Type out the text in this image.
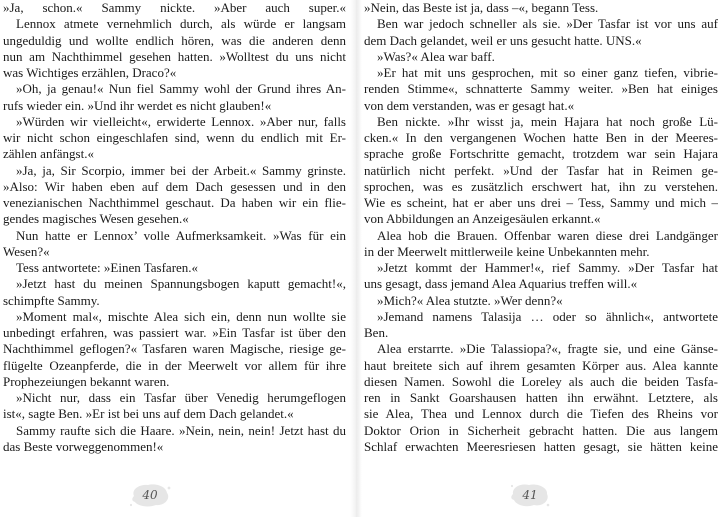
»Ja, schon.« Sammy nickte. »Aber auch super.«
Lennox atmete vernehmlich durch, als würde er langsam
ungeduldig und wollte endlich hören, was die anderen denn
nun am Nachthimmel gesehen hatten. »Wolltest du uns nicht
was Wichtiges erzählen, Draco?«
»Oh, ja genau!« Nun fiel Sammy wohl der Grund ihres An-
rufs wieder ein. »Und ihr werdet es nicht glauben!«
»Würden wir vielleicht«, erwiderte Lennox. »Aber nur, falls
wir nicht schon eingeschlafen sind, wenn du endlich mit Er-
zählen anfängst.«
»Ja, ja, Sir Scorpio, immer bei der Arbeit.« Sammy grinste.
»Also: Wir haben eben auf dem Dach gesessen und in den
venezianischen Nachthimmel geschaut. Da haben wir ein flie-
gendes magisches Wesen gesehen.«
Nun hatte er Lennox’ volle Aufmerksamkeit. »Was für ein
Wesen?«
Tess antwortete: »Einen Tasfaren.«
»Jetzt hast du meinen Spannungsbogen kaputt gemacht!«,
schimpfte Sammy.
»Moment mal«, mischte Alea sich ein, denn nun wollte sie
unbedingt erfahren, was passiert war. »Ein Tasfar ist über den
Nachthimmel geflogen?« Tasfaren waren Magische, riesige ge-
flügelte Ozeanpferde, die in der Meerwelt vor allem für ihre
Prophezeiungen bekannt waren.
»Nicht nur, dass ein Tasfar über Venedig herumgeflogen
ist«, sagte Ben. »Er ist bei uns auf dem Dach gelandet.«
Sammy raufte sich die Haare. »Nein, nein, nein! Jetzt hast du
das Beste vorweggenommen!«
40
»Nein, das Beste ist ja, dass –«, begann Tess.
Ben war jedoch schneller als sie. »Der Tasfar ist vor uns auf
dem Dach gelandet, weil er uns gesucht hatte. UNS.«
»Was?« Alea war baff.
»Er hat mit uns gesprochen, mit so einer ganz tiefen, vibrie-
renden Stimme«, schnatterte Sammy weiter. »Ben hat einiges
von dem verstanden, was er gesagt hat.«
Ben nickte. »Ihr wisst ja, mein Hajara hat noch große Lü-
cken.« In den vergangenen Wochen hatte Ben in der Meeres-
sprache große Fortschritte gemacht, trotzdem war sein Hajara
natürlich nicht perfekt. »Und der Tasfar hat in Reimen ge-
sprochen, was es zusätzlich erschwert hat, ihn zu verstehen.
Wie es scheint, hat er aber uns drei – Tess, Sammy und mich –
von Abbildungen an Anzeigesäulen erkannt.«
Alea hob die Brauen. Offenbar waren diese drei Landgänger
in der Meerwelt mittlerweile keine Unbekannten mehr.
»Jetzt kommt der Hammer!«, rief Sammy. »Der Tasfar hat
uns gesagt, dass jemand Alea Aquarius treffen will.«
»Mich?« Alea stutzte. »Wer denn?«
»Jemand namens Talasija … oder so ähnlich«, antwortete
Ben.
Alea erstarrte. »Die Talassiopa?«, fragte sie, und eine Gänse-
haut breitete sich auf ihrem gesamten Körper aus. Alea kannte
diesen Namen. Sowohl die Loreley als auch die beiden Tasfa-
ren in Sankt Goarshausen hatten ihn erwähnt. Letztere, als
sie Alea, Thea und Lennox durch die Tiefen des Rheins vor
Doktor Orion in Sicherheit gebracht hatten. Die aus langem
Schlaf erwachten Meeresriesen hatten gesagt, sie hätten keine
41
